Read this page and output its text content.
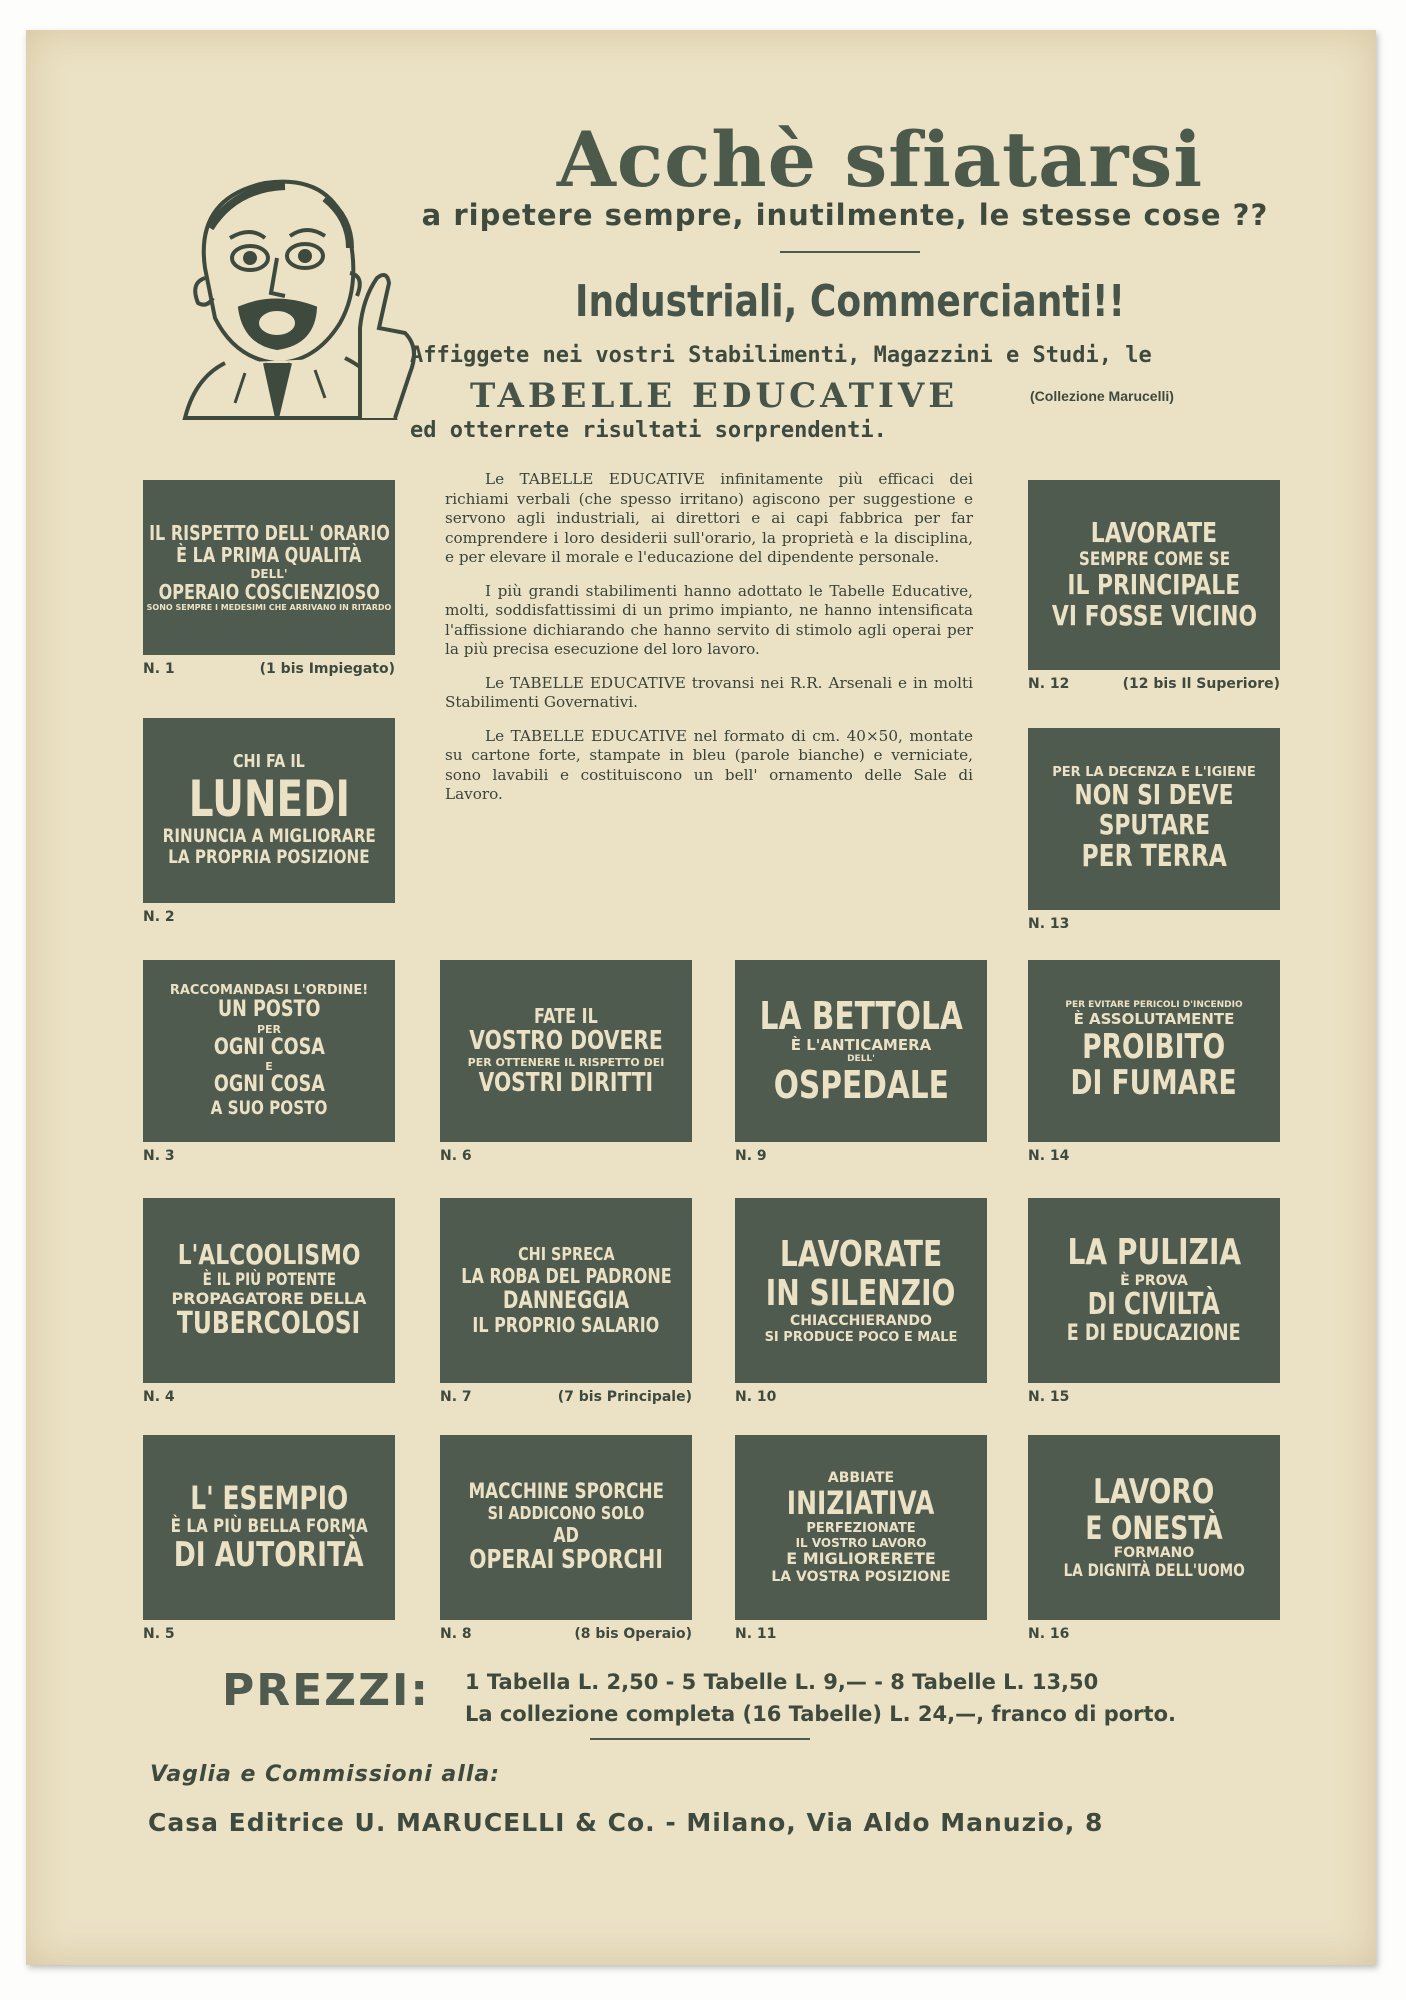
Acchè sfiatarsi
a ripetere sempre, inutilmente, le stesse cose ??
Industriali, Commercianti!!
Affiggete nei vostri Stabilimenti, Magazzini e Studi, le
TABELLE EDUCATIVE	(Collezione Marucelli)
ed otterrete risultati sorprendenti.

Le TABELLE EDUCATIVE infinitamente più efficaci dei richiami verbali (che spesso irritano) agiscono per suggestione e servono agli industriali, ai direttori e ai capi fabbrica per far comprendere i loro desiderii sull'orario, la proprietà e la disciplina, e per elevare il morale e l'educazione del dipendente personale.

I più grandi stabilimenti hanno adottato le Tabelle Educative, molti, soddisfattissimi di un primo impianto, ne hanno intensificata l'affissione dichiarando che hanno servito di stimolo agli operai per la più precisa esecuzione del loro lavoro.

Le TABELLE EDUCATIVE trovansi nei R.R. Arsenali e in molti Stabilimenti Governativi.

Le TABELLE EDUCATIVE nel formato di cm. 40×50, montate su cartone forte, stampate in bleu (parole bianche) e verniciate, sono lavabili e costituiscono un bell' ornamento delle Sale di Lavoro.

IL RISPETTO DELL' ORARIO
È LA PRIMA QUALITÀ
DELL'
OPERAIO COSCIENZIOSO
SONO SEMPRE I MEDESIMI CHE ARRIVANO IN RITARDO
N. 1	(1 bis Impiegato)
CHI FA IL
LUNEDI
RINUNCIA A MIGLIORARE
LA PROPRIA POSIZIONE
N. 2
RACCOMANDASI L'ORDINE!
UN POSTO
PER
OGNI COSA
E
OGNI COSA
A SUO POSTO
N. 3
L'ALCOOLISMO
È IL PIÙ POTENTE
PROPAGATORE DELLA
TUBERCOLOSI
N. 4
L' ESEMPIO
È LA PIÙ BELLA FORMA
DI AUTORITÀ
N. 5
FATE IL
VOSTRO DOVERE
PER OTTENERE IL RISPETTO DEI
VOSTRI DIRITTI
N. 6
CHI SPRECA
LA ROBA DEL PADRONE
DANNEGGIA
IL PROPRIO SALARIO
N. 7	(7 bis Principale)
MACCHINE SPORCHE
SI ADDICONO SOLO
AD
OPERAI SPORCHI
N. 8	(8 bis Operaio)
LA BETTOLA
È L'ANTICAMERA
DELL'
OSPEDALE
N. 9
LAVORATE
IN SILENZIO
CHIACCHIERANDO
SI PRODUCE POCO E MALE
N. 10
ABBIATE
INIZIATIVA
PERFEZIONATE
IL VOSTRO LAVORO
E MIGLIORERETE
LA VOSTRA POSIZIONE
N. 11
LAVORATE
SEMPRE COME SE
IL PRINCIPALE
VI FOSSE VICINO
N. 12	(12 bis Il Superiore)
PER LA DECENZA E L'IGIENE
NON SI DEVE
SPUTARE
PER TERRA
N. 13
PER EVITARE PERICOLI D'INCENDIO
È ASSOLUTAMENTE
PROIBITO
DI FUMARE
N. 14
LA PULIZIA
È PROVA
DI CIVILTÀ
E DI EDUCAZIONE
N. 15
LAVORO
E ONESTÀ
FORMANO
LA DIGNITÀ DELL'UOMO
N. 16
PREZZI: 1 Tabella L. 2,50 - 5 Tabelle L. 9,— - 8 Tabelle L. 13,50
La collezione completa (16 Tabelle) L. 24,—, franco di porto.
Vaglia e Commissioni alla:
Casa Editrice U. MARUCELLI & Co. - Milano, Via Aldo Manuzio, 8
